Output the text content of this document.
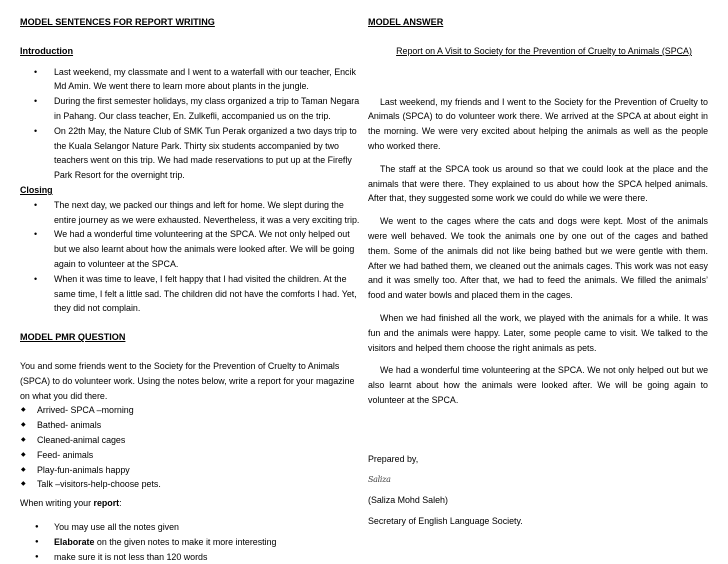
MODEL SENTENCES FOR REPORT WRITING
Introduction
• Last weekend, my classmate and I went to a waterfall with our teacher, Encik Md Amin. We went there to learn more about plants in the jungle.
• During the first semester holidays, my class organized a trip to Taman Negara in Pahang. Our class teacher, En. Zulkefli, accompanied us on the trip.
• On 22th May, the Nature Club of SMK Tun Perak organized a two days trip to the Kuala Selangor Nature Park. Thirty six students accompanied by two teachers went on this trip. We had made reservations to put up at the Firefly Park Resort for the overnight trip.
Closing
• The next day, we packed our things and left for home. We slept during the entire journey as we were exhausted. Nevertheless, it was a very exciting trip.
• We had a wonderful time volunteering at the SPCA. We not only helped out but we also learnt about how the animals were looked after. We will be going again to volunteer at the SPCA.
• When it was time to leave, I felt happy that I had visited the children. At the same time, I felt a little sad. The children did not have the comforts I had. Yet, they did not complain.
MODEL PMR QUESTION
You and some friends went to the Society for the Prevention of Cruelty to Animals (SPCA) to do volunteer work. Using the notes below, write a report for your magazine on what you did there.
◆ Arrived- SPCA –morning
◆ Bathed- animals
◆ Cleaned-animal cages
◆ Feed- animals
◆ Play-fun-animals happy
◆ Talk –visitors-help-choose pets.
When writing your report:
● You may use all the notes given
● Elaborate on the given notes to make it more interesting
● make sure it is not less than 120 words
MODEL ANSWER
Report on A Visit to Society for the Prevention of Cruelty to Animals (SPCA)
Last weekend, my friends and I went to the Society for the Prevention of Cruelty to Animals (SPCA) to do volunteer work there. We arrived at the SPCA at about eight in the morning. We were very excited about helping the animals as well as the people who worked there.
The staff at the SPCA took us around so that we could look at the place and the animals that were there. They explained to us about how the SPCA helped animals. After that, they suggested some work we could do while we were there.
We went to the cages where the cats and dogs were kept. Most of the animals were well behaved. We took the animals one by one out of the cages and bathed them. Some of the animals did not like being bathed but we were gentle with them. After we had bathed them, we cleaned out the animals cages. This work was not easy and it was smelly too. After that, we had to feed the animals. We filled the animals’ food and water bowls and placed them in the cages.
When we had finished all the work, we played with the animals for a while. It was fun and the animals were happy. Later, some people came to visit. We talked to the visitors and helped them choose the right animals as pets.
We had a wonderful time volunteering at the SPCA. We not only helped out but we also learnt about how the animals were looked after. We will be going again to volunteer at the SPCA.
Prepared by,
Saliza
(Saliza Mohd Saleh)
Secretary of English Language Society.
